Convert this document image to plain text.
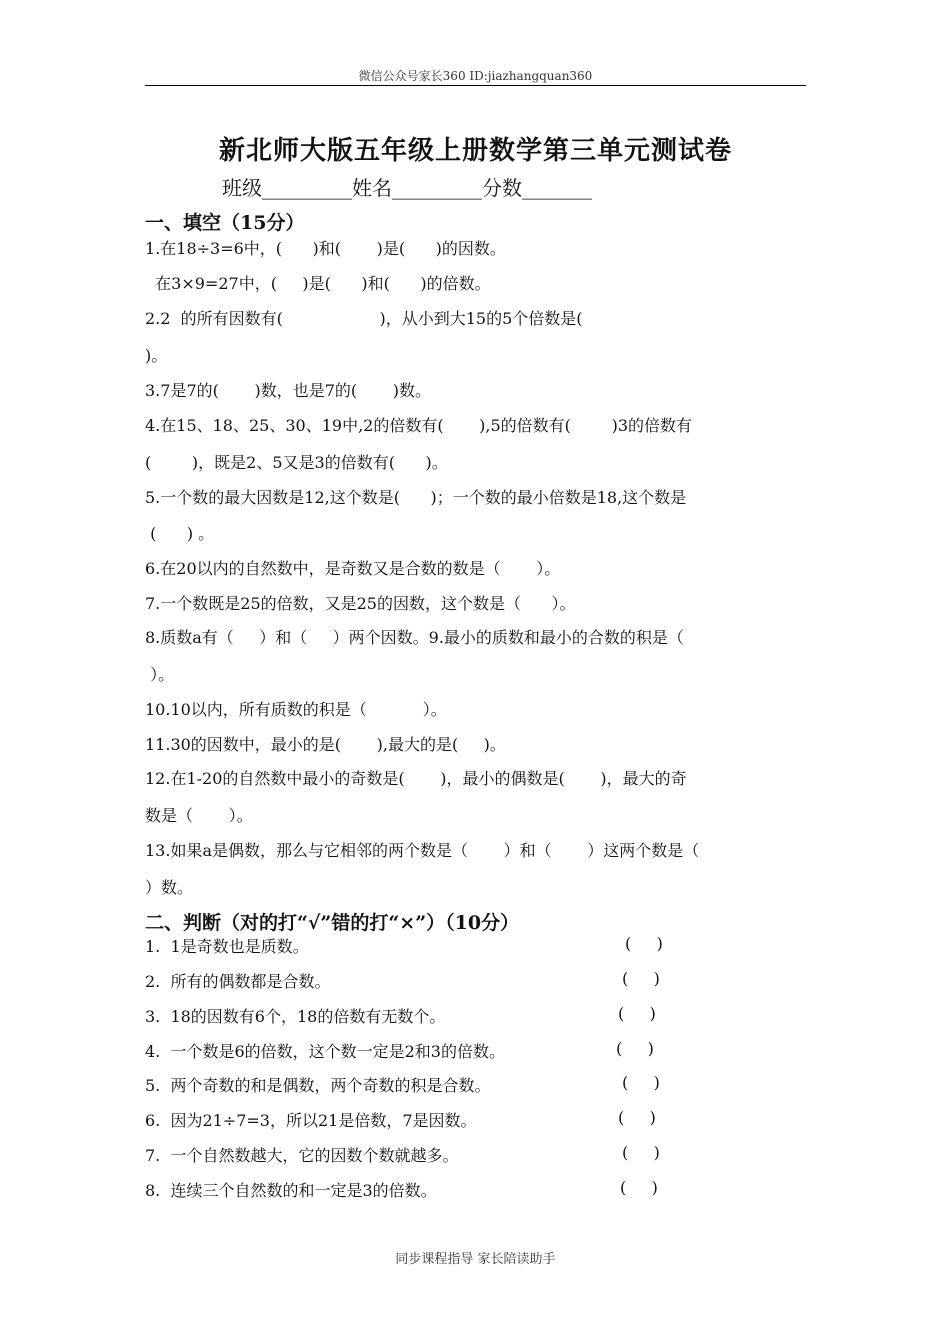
微信公众号家长360 ID:jiazhangquan360
新北师大版五年级上册数学第三单元测试卷
班级_________姓名_________分数_______
一、填空（15分）
1.在18÷3=6中，(      )和(       )是(      )的因数。
在3×9=27中，(     )是(      )和(      )的倍数。
2.2  的所有因数有(                   )，从小到大15的5个倍数是(
)。
3.7是7的(       )数，也是7的(       )数。
4.在15、18、25、30、19中,2的倍数有(       ),5的倍数有(        )3的倍数有
(        )，既是2、5又是3的倍数有(      )。
5.一个数的最大因数是12,这个数是(      )；一个数的最小倍数是18,这个数是
(      ) 。
6.在20以内的自然数中，是奇数又是合数的数是（       ）。
7.一个数既是25的倍数，又是25的因数，这个数是（      ）。
8.质数a有（     ）和（     ）两个因数。9.最小的质数和最小的合数的积是（
）。
10.10以内，所有质数的积是（           ）。
11.30的因数中，最小的是(       ),最大的是(     )。
12.在1-20的自然数中最小的奇数是(       )，最小的偶数是(       )，最大的奇
数是（       ）。
13.如果a是偶数，那么与它相邻的两个数是（       ）和（       ）这两个数是（
）数。
二、判断（对的打“√”错的打“×”）（10分）
1.  1是奇数也是质数。	(     )
2.  所有的偶数都是合数。	(     )
3.  18的因数有6个，18的倍数有无数个。	(     )
4.  一个数是6的倍数，这个数一定是2和3的倍数。	(     )
5.  两个奇数的和是偶数，两个奇数的积是合数。	(     )
6.  因为21÷7=3，所以21是倍数，7是因数。	(     )
7.  一个自然数越大，它的因数个数就越多。	(     )
8.  连续三个自然数的和一定是3的倍数。	(     )
同步课程指导 家长陪读助手
